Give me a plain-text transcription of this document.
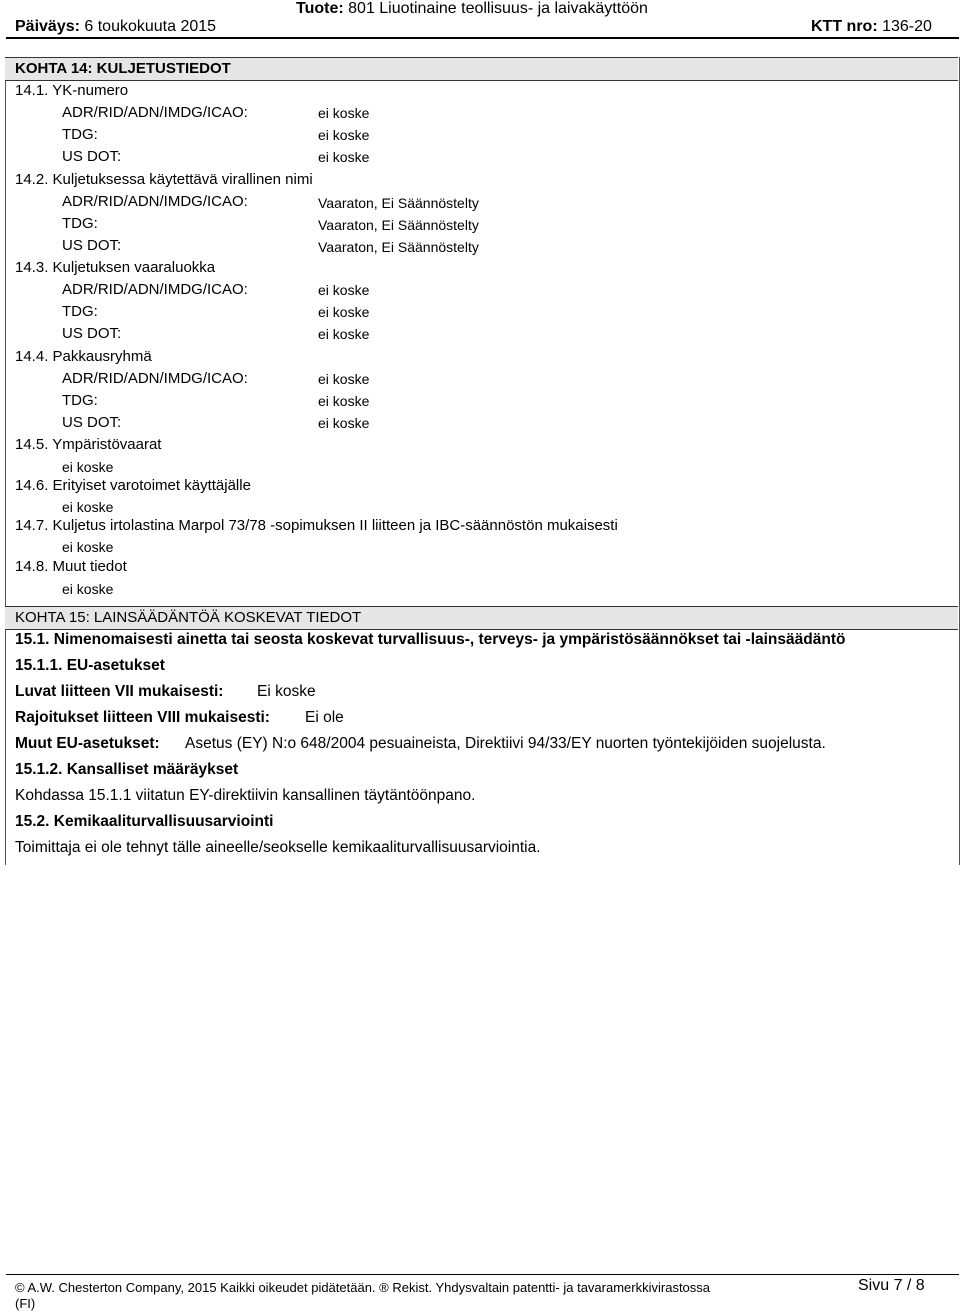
Päiväys: 6 toukokuuta 2015
Tuote: 801 Liuotinaine teollisuus- ja laivakäyttöön
KTT nro: 136-20
KOHTA 14: KULJETUSTIEDOT
14.1. YK-numero
ADR/RID/ADN/IMDG/ICAO:	ei koske
TDG:	ei koske
US DOT:	ei koske
14.2. Kuljetuksessa käytettävä virallinen nimi
ADR/RID/ADN/IMDG/ICAO:	Vaaraton, Ei Säännöstelty
TDG:	Vaaraton, Ei Säännöstelty
US DOT:	Vaaraton, Ei Säännöstelty
14.3. Kuljetuksen vaaraluokka
ADR/RID/ADN/IMDG/ICAO:	ei koske
TDG:	ei koske
US DOT:	ei koske
14.4. Pakkausryhmä
ADR/RID/ADN/IMDG/ICAO:	ei koske
TDG:	ei koske
US DOT:	ei koske
14.5. Ympäristövaarat
ei koske
14.6. Erityiset varotoimet käyttäjälle
ei koske
14.7. Kuljetus irtolastina Marpol 73/78 -sopimuksen II liitteen ja IBC-säännöstön mukaisesti
ei koske
14.8. Muut tiedot
ei koske
KOHTA 15: LAINSÄÄDÄNTÖÄ KOSKEVAT TIEDOT
15.1. Nimenomaisesti ainetta tai seosta koskevat turvallisuus-, terveys- ja ympäristösäännökset tai -lainsäädäntö
15.1.1. EU-asetukset
Luvat liitteen VII mukaisesti: Ei koske
Rajoitukset liitteen VIII mukaisesti: Ei ole
Muut EU-asetukset: Asetus (EY) N:o 648/2004 pesuaineista, Direktiivi 94/33/EY nuorten työntekijöiden suojelusta.
15.1.2. Kansalliset määräykset
Kohdassa 15.1.1 viitatun EY-direktiivin kansallinen täytäntöönpano.
15.2. Kemikaaliturvallisuusarviointi
Toimittaja ei ole tehnyt tälle aineelle/seokselle kemikaaliturvallisuusarviointia.
© A.W. Chesterton Company, 2015 Kaikki oikeudet pidätetään. ® Rekist. Yhdysvaltain patentti- ja tavaramerkkivirastossa
(FI)
Sivu 7 / 8
